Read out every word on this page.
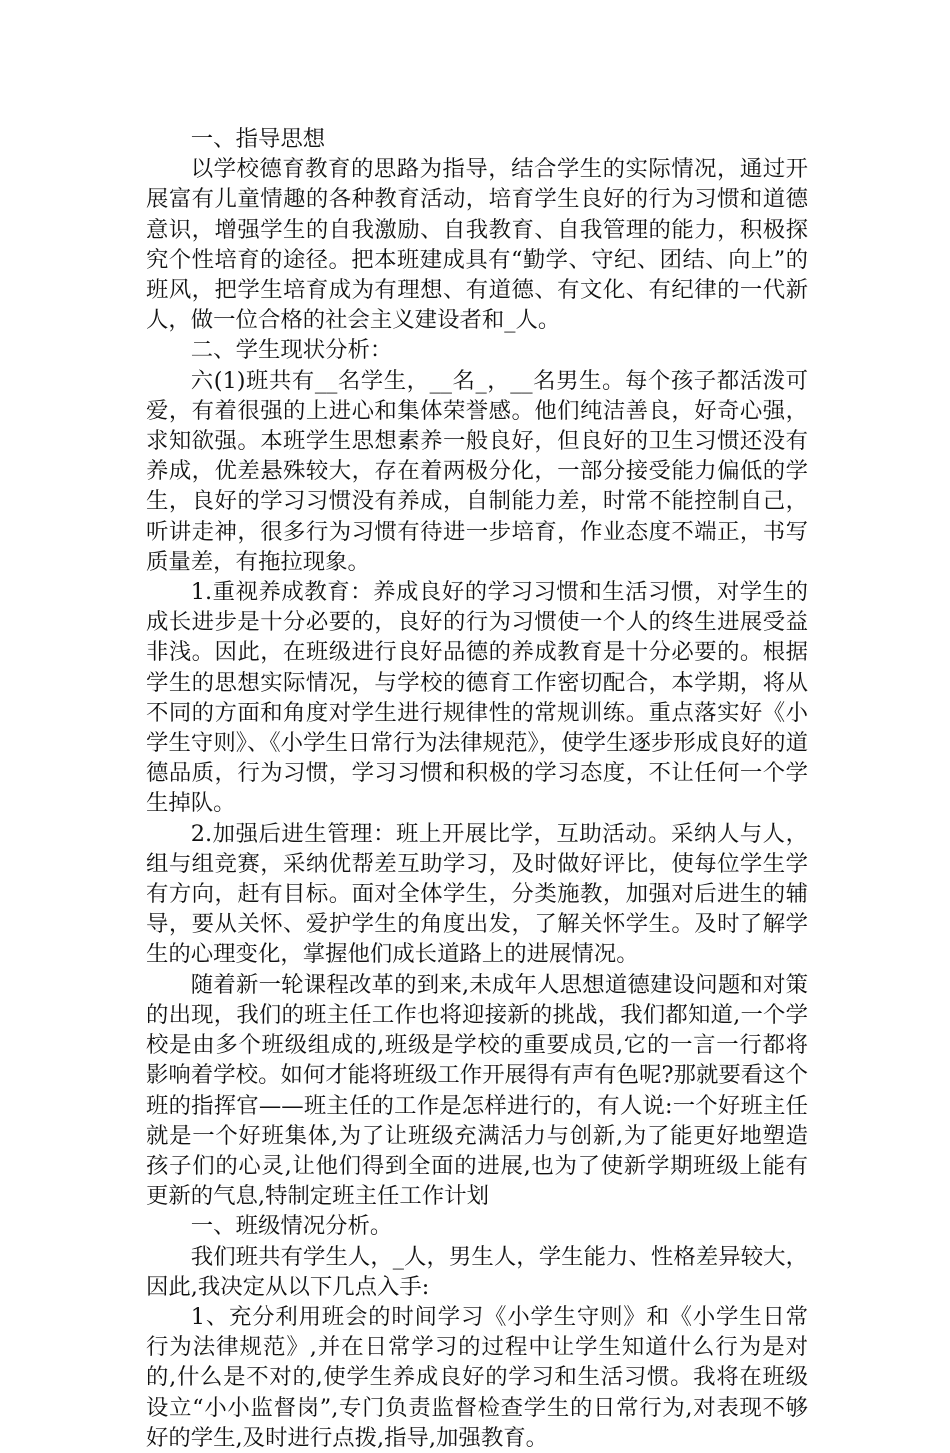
一、指导思想

以学校德育教育的思路为指导，结合学生的实际情况，通过开展富有儿童情趣的各种教育活动，培育学生良好的行为习惯和道德意识，增强学生的自我激励、自我教育、自我管理的能力，积极探究个性培育的途径。把本班建成具有“勤学、守纪、团结、向上”的班风，把学生培育成为有理想、有道德、有文化、有纪律的一代新人，做一位合格的社会主义建设者和_人。

二、学生现状分析：

六(1)班共有__名学生，__名_，__名男生。每个孩子都活泼可爱，有着很强的上进心和集体荣誉感。他们纯洁善良，好奇心强，求知欲强。本班学生思想素养一般良好，但良好的卫生习惯还没有养成，优差悬殊较大，存在着两极分化，一部分接受能力偏低的学生，良好的学习习惯没有养成，自制能力差，时常不能控制自己，听讲走神，很多行为习惯有待进一步培育，作业态度不端正，书写质量差，有拖拉现象。

1.重视养成教育：养成良好的学习习惯和生活习惯，对学生的成长进步是十分必要的，良好的行为习惯使一个人的终生进展受益非浅。因此，在班级进行良好品德的养成教育是十分必要的。根据学生的思想实际情况，与学校的德育工作密切配合，本学期，将从不同的方面和角度对学生进行规律性的常规训练。重点落实好《小学生守则》、《小学生日常行为法律规范》，使学生逐步形成良好的道德品质，行为习惯，学习习惯和积极的学习态度，不让任何一个学生掉队。

2.加强后进生管理：班上开展比学，互助活动。采纳人与人，组与组竞赛，采纳优帮差互助学习，及时做好评比，使每位学生学有方向，赶有目标。面对全体学生，分类施教，加强对后进生的辅导，要从关怀、爱护学生的角度出发，了解关怀学生。及时了解学生的心理变化，掌握他们成长道路上的进展情况。

随着新一轮课程改革的到来,未成年人思想道德建设问题和对策的出现，我们的班主任工作也将迎接新的挑战，我们都知道,一个学校是由多个班级组成的,班级是学校的重要成员,它的一言一行都将影响着学校。如何才能将班级工作开展得有声有色呢?那就要看这个班的指挥官——班主任的工作是怎样进行的，有人说:一个好班主任就是一个好班集体,为了让班级充满活力与创新,为了能更好地塑造孩子们的心灵,让他们得到全面的进展,也为了使新学期班级上能有更新的气息,特制定班主任工作计划

一、班级情况分析。

我们班共有学生人，_人，男生人，学生能力、性格差异较大，因此,我决定从以下几点入手:

1、充分利用班会的时间学习《小学生守则》和《小学生日常行为法律规范》,并在日常学习的过程中让学生知道什么行为是对的,什么是不对的,使学生养成良好的学习和生活习惯。我将在班级设立“小小监督岗”,专门负责监督检查学生的日常行为,对表现不够好的学生,及时进行点拨,指导,加强教育。
